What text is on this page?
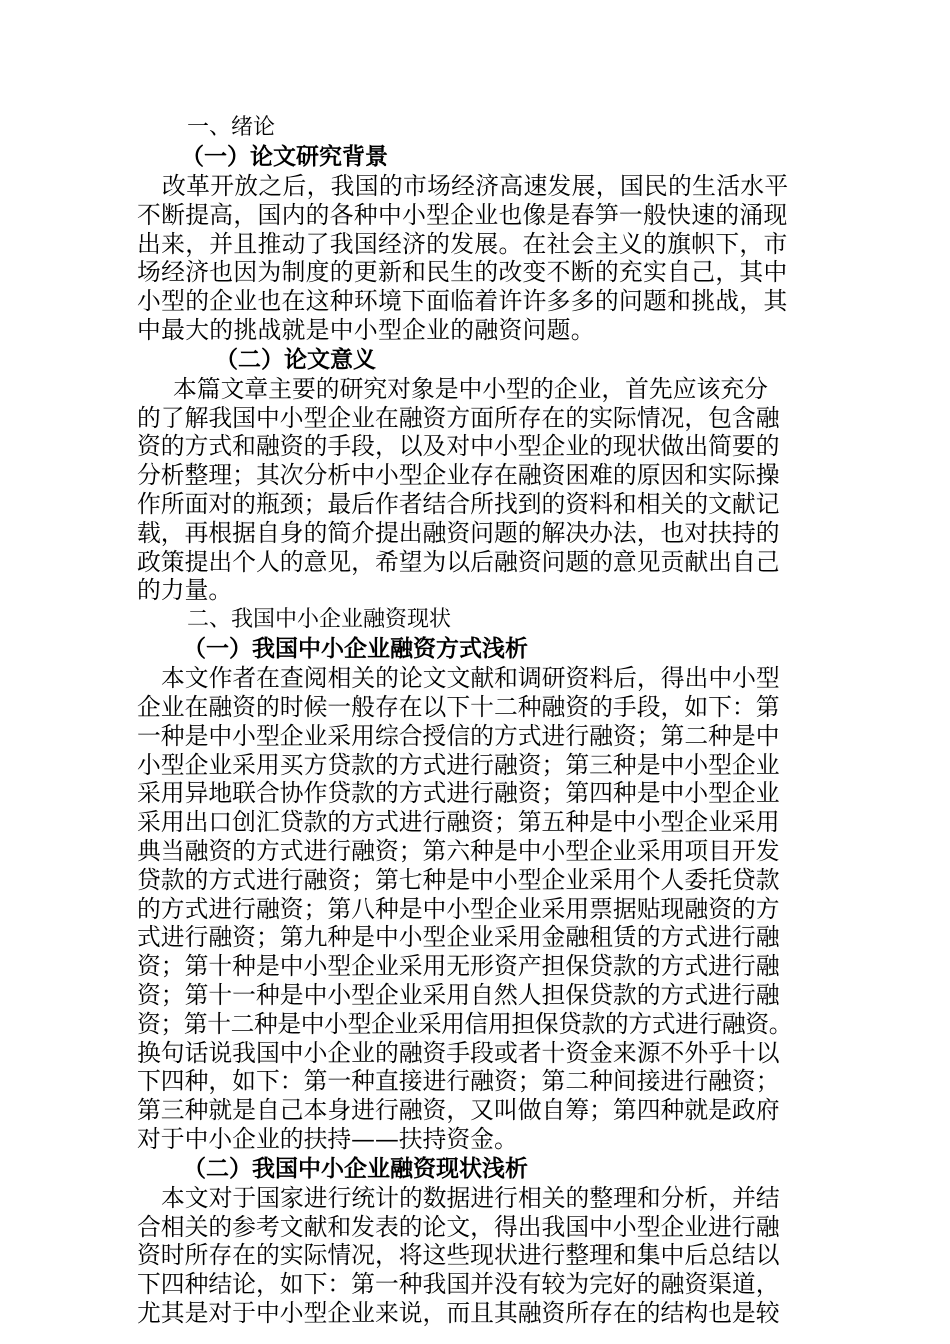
一、绪论
（一）论文研究背景
改革开放之后，我国的市场经济高速发展，国民的生活水平
不断提高，国内的各种中小型企业也像是春笋一般快速的涌现
出来，并且推动了我国经济的发展。在社会主义的旗帜下，市
场经济也因为制度的更新和民生的改变不断的充实自己，其中
小型的企业也在这种环境下面临着许许多多的问题和挑战，其
中最大的挑战就是中小型企业的融资问题。
（二）论文意义
本篇文章主要的研究对象是中小型的企业，首先应该充分
的了解我国中小型企业在融资方面所存在的实际情况，包含融
资的方式和融资的手段，以及对中小型企业的现状做出简要的
分析整理；其次分析中小型企业存在融资困难的原因和实际操
作所面对的瓶颈；最后作者结合所找到的资料和相关的文献记
载，再根据自身的简介提出融资问题的解决办法，也对扶持的
政策提出个人的意见，希望为以后融资问题的意见贡献出自己
的力量。
二、我国中小企业融资现状
（一）我国中小企业融资方式浅析
本文作者在查阅相关的论文文献和调研资料后，得出中小型
企业在融资的时候一般存在以下十二种融资的手段，如下：第
一种是中小型企业采用综合授信的方式进行融资；第二种是中
小型企业采用买方贷款的方式进行融资；第三种是中小型企业
采用异地联合协作贷款的方式进行融资；第四种是中小型企业
采用出口创汇贷款的方式进行融资；第五种是中小型企业采用
典当融资的方式进行融资；第六种是中小型企业采用项目开发
贷款的方式进行融资；第七种是中小型企业采用个人委托贷款
的方式进行融资；第八种是中小型企业采用票据贴现融资的方
式进行融资；第九种是中小型企业采用金融租赁的方式进行融
资；第十种是中小型企业采用无形资产担保贷款的方式进行融
资；第十一种是中小型企业采用自然人担保贷款的方式进行融
资；第十二种是中小型企业采用信用担保贷款的方式进行融资。
换句话说我国中小企业的融资手段或者十资金来源不外乎十以
下四种，如下：第一种直接进行融资；第二种间接进行融资；
第三种就是自己本身进行融资，又叫做自筹；第四种就是政府
对于中小企业的扶持——扶持资金。
（二）我国中小企业融资现状浅析
本文对于国家进行统计的数据进行相关的整理和分析，并结
合相关的参考文献和发表的论文，得出我国中小型企业进行融
资时所存在的实际情况，将这些现状进行整理和集中后总结以
下四种结论，如下：第一种我国并没有较为完好的融资渠道，
尤其是对于中小型企业来说，而且其融资所存在的结构也是较
